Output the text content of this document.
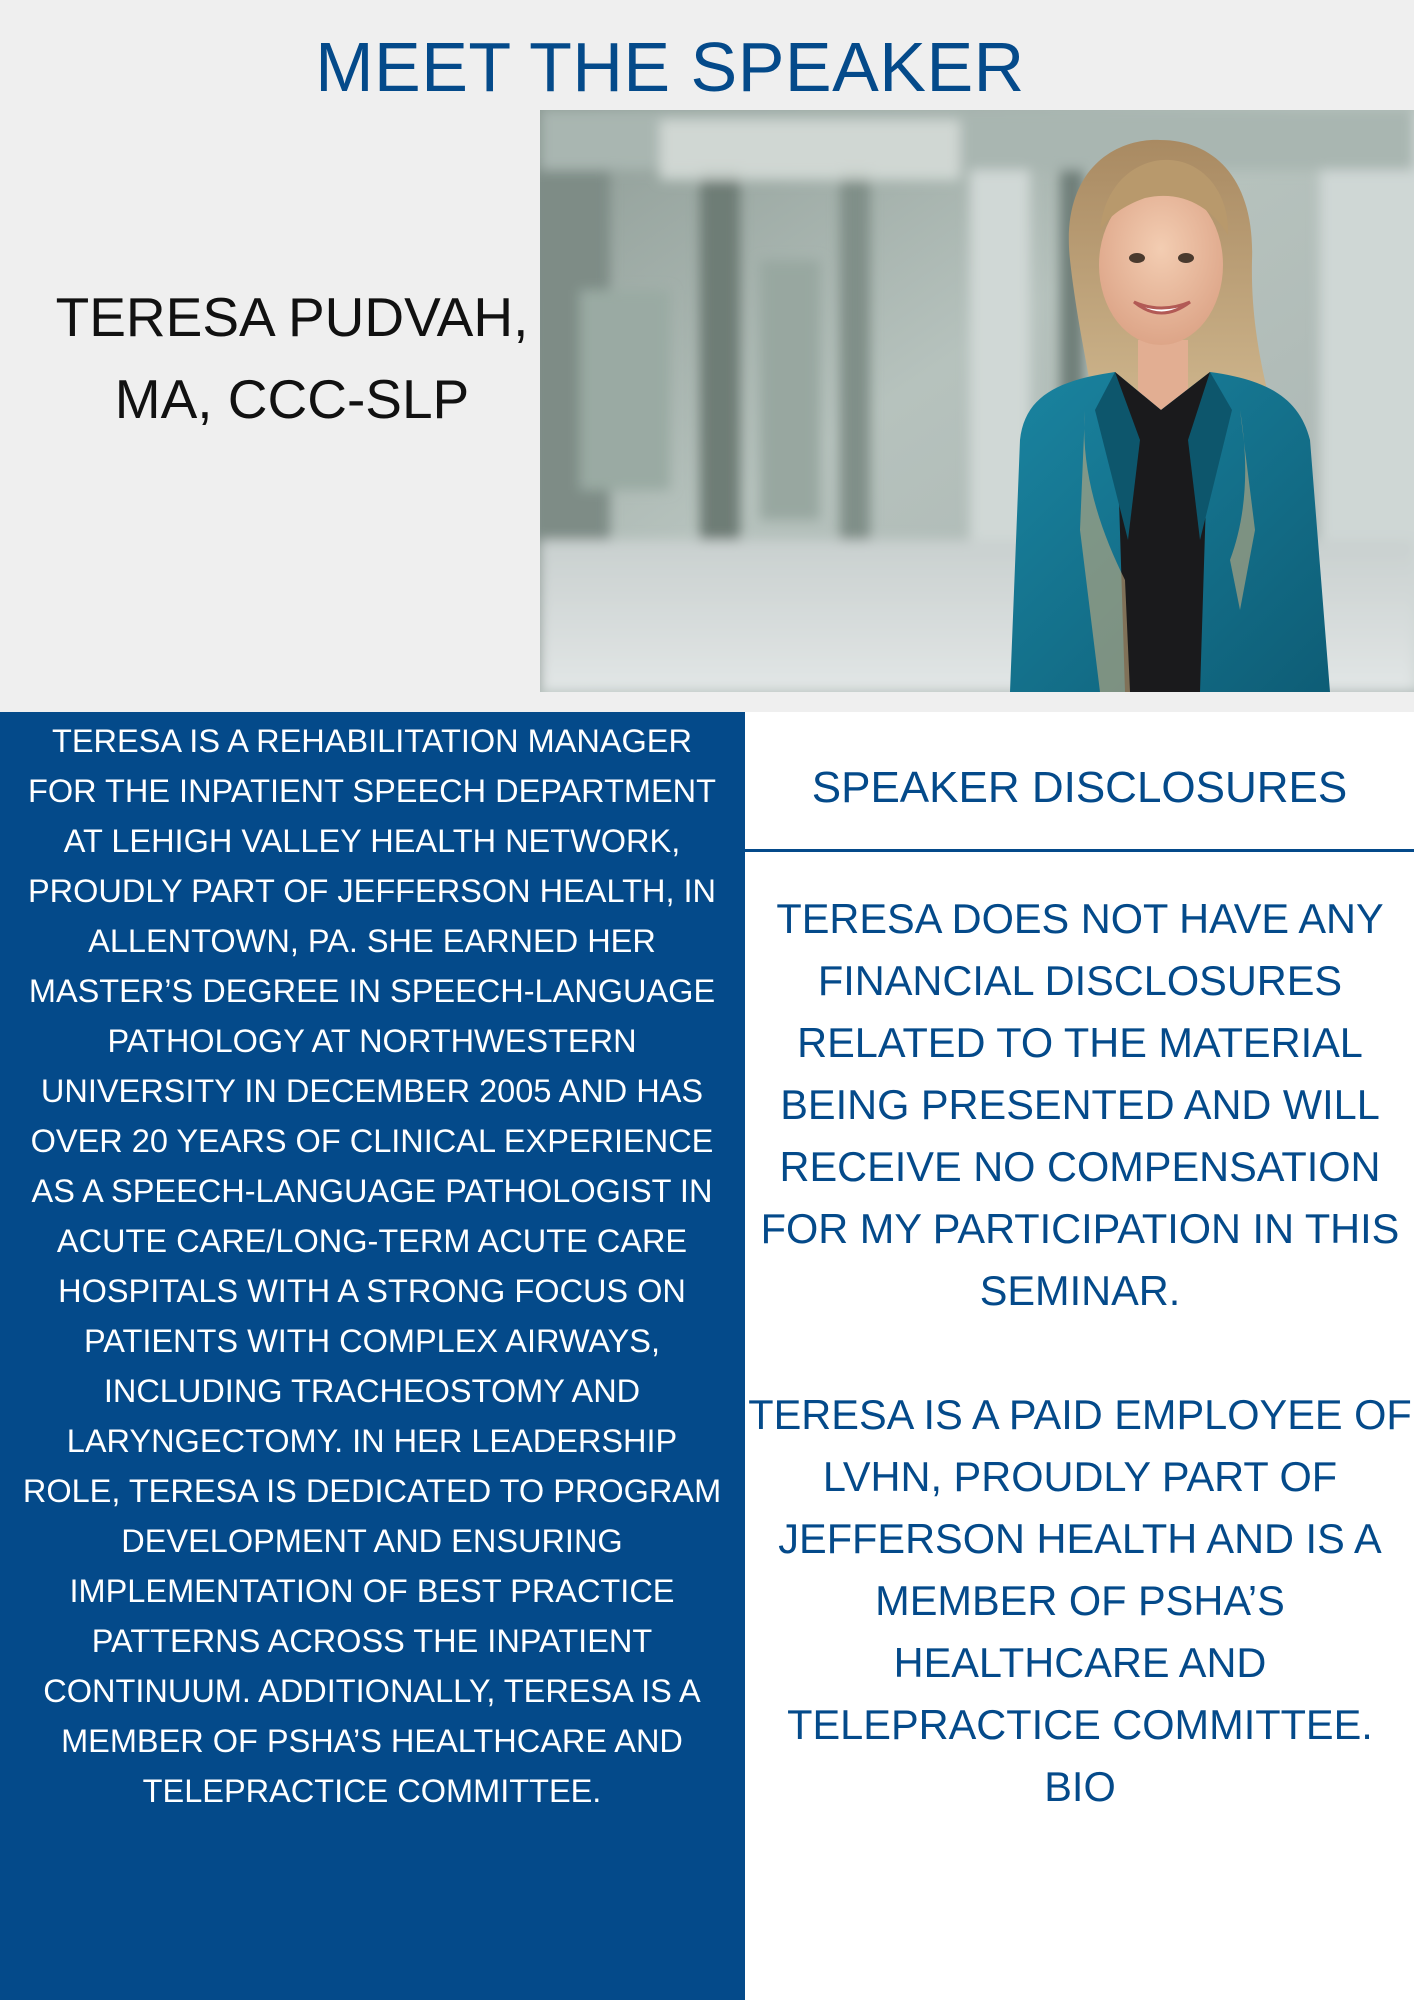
MEET THE SPEAKER
TERESA PUDVAH,
MA, CCC-SLP

TERESA IS A REHABILITATION MANAGER FOR THE INPATIENT SPEECH DEPARTMENT AT LEHIGH VALLEY HEALTH NETWORK, PROUDLY PART OF JEFFERSON HEALTH, IN ALLENTOWN, PA. SHE EARNED HER MASTER’S DEGREE IN SPEECH-LANGUAGE PATHOLOGY AT NORTHWESTERN UNIVERSITY IN DECEMBER 2005 AND HAS OVER 20 YEARS OF CLINICAL EXPERIENCE AS A SPEECH-LANGUAGE PATHOLOGIST IN ACUTE CARE/LONG-TERM ACUTE CARE HOSPITALS WITH A STRONG FOCUS ON PATIENTS WITH COMPLEX AIRWAYS, INCLUDING TRACHEOSTOMY AND LARYNGECTOMY. IN HER LEADERSHIP ROLE, TERESA IS DEDICATED TO PROGRAM DEVELOPMENT AND ENSURING IMPLEMENTATION OF BEST PRACTICE PATTERNS ACROSS THE INPATIENT CONTINUUM. ADDITIONALLY, TERESA IS A MEMBER OF PSHA’S HEALTHCARE AND TELEPRACTICE COMMITTEE.

SPEAKER DISCLOSURES

TERESA DOES NOT HAVE ANY FINANCIAL DISCLOSURES RELATED TO THE MATERIAL BEING PRESENTED AND WILL RECEIVE NO COMPENSATION FOR MY PARTICIPATION IN THIS SEMINAR.

TERESA IS A PAID EMPLOYEE OF LVHN, PROUDLY PART OF JEFFERSON HEALTH AND IS A MEMBER OF PSHA’S HEALTHCARE AND TELEPRACTICE COMMITTEE.

BIO
